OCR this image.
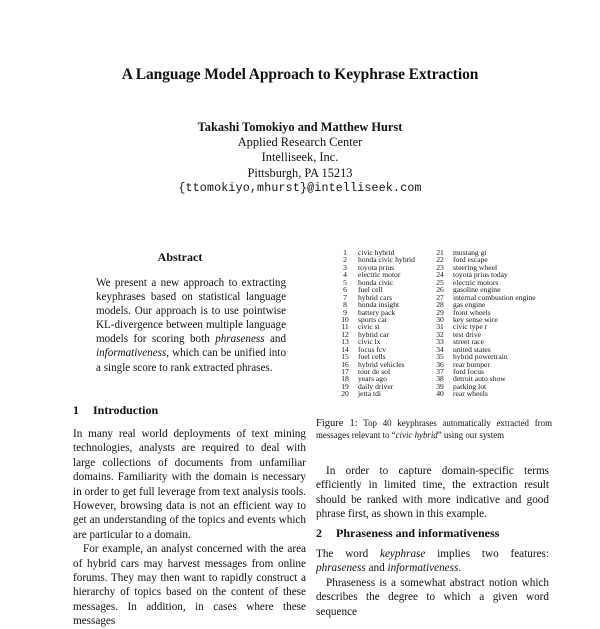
A Language Model Approach to Keyphrase Extraction
Takashi Tomokiyo and Matthew Hurst
Applied Research Center
Intelliseek, Inc.
Pittsburgh, PA 15213
{ttomokiyo,mhurst}@intelliseek.com
Abstract
We present a new approach to extracting keyphrases based on statistical language models. Our approach is to use pointwise KL-divergence between multiple language models for scoring both phraseness and informativeness, which can be unified into a single score to rank extracted phrases.
1 Introduction

In many real world deployments of text mining technologies, analysts are required to deal with large collections of documents from unfamiliar domains. Familiarity with the domain is necessary in order to get full leverage from text analysis tools. However, browsing data is not an efficient way to get an understanding of the topics and events which are particular to a domain.

For example, an analyst concerned with the area of hybrid cars may harvest messages from online forums. They may then want to rapidly construct a hierarchy of topics based on the content of these messages. In addition, in cases where these messages

1 civic hybrid
2 honda civic hybrid
3 toyota prius
4 electric motor
5 honda civic
6 fuel cell
7 hybrid cars
8 honda insight
9 battery pack
10 sports car
11 civic si
12 hybrid car
13 civic lx
14 focus fcv
15 fuel cells
16 hybrid vehicles
17 tour de sol
18 years ago
19 daily driver
20 jetta tdi
21 mustang gt
22 ford escape
23 steering wheel
24 toyota prius today
25 electric motors
26 gasoline engine
27 internal combustion engine
28 gas engine
29 front wheels
30 key sense wire
31 civic type r
32 test drive
33 street race
34 united states
35 hybrid powertrain
36 rear bumper
37 ford focus
38 detroit auto show
39 parking lot
40 rear wheels
Figure 1: Top 40 keyphrases automatically extracted from messages relevant to “civic hybrid” using our system

In order to capture domain-specific terms efficiently in limited time, the extraction result should be ranked with more indicative and good phrase first, as shown in this example.

2 Phraseness and informativeness

The word keyphrase implies two features: phraseness and informativeness.

Phraseness is a somewhat abstract notion which describes the degree to which a given word sequence
